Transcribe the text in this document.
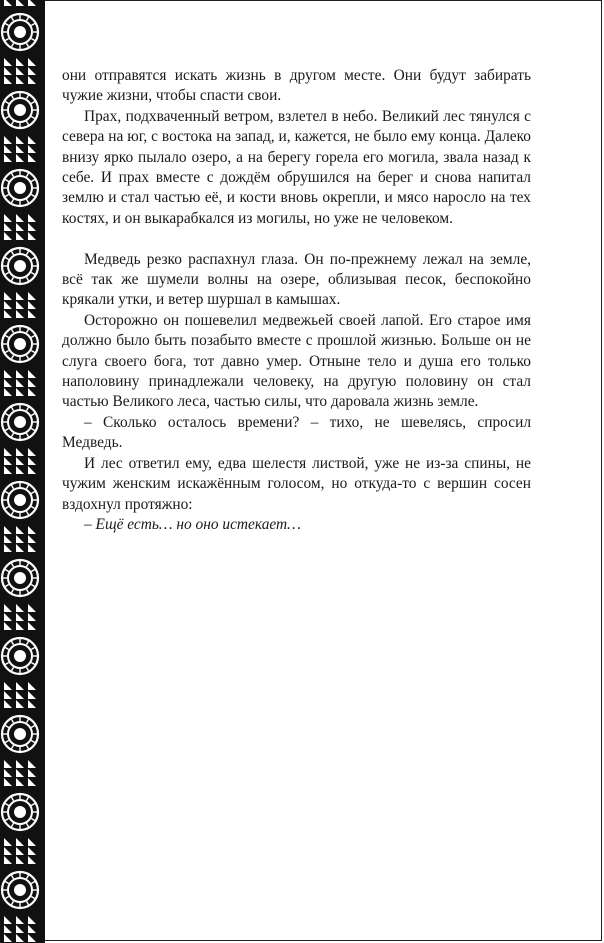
они отправятся искать жизнь в другом месте. Они будут забирать чужие жизни, чтобы спасти свои.

Прах, подхваченный ветром, взлетел в небо. Великий лес тянулся с севера на юг, с востока на запад, и, кажется, не было ему конца. Далеко внизу ярко пылало озеро, а на берегу горела его могила, звала назад к себе. И прах вместе с дождём обрушился на берег и снова напитал землю и стал частью её, и кости вновь окрепли, и мясо наросло на тех костях, и он выкарабкался из могилы, но уже не человеком.

Медведь резко распахнул глаза. Он по-прежнему лежал на земле, всё так же шумели волны на озере, облизывая песок, беспокойно крякали утки, и ветер шуршал в камышах.

Осторожно он пошевелил медвежьей своей лапой. Его старое имя должно было быть позабыто вместе с прошлой жизнью. Больше он не слуга своего бога, тот давно умер. Отныне тело и душа его только наполовину принадлежали человеку, на другую половину он стал частью Великого леса, частью силы, что даровала жизнь земле.

– Сколько осталось времени? – тихо, не шевелясь, спросил Медведь.

И лес ответил ему, едва шелестя листвой, уже не из-за спины, не чужим женским искажённым голосом, но откуда-то с вершин сосен вздохнул протяжно:

– Ещё есть… но оно истекает…
